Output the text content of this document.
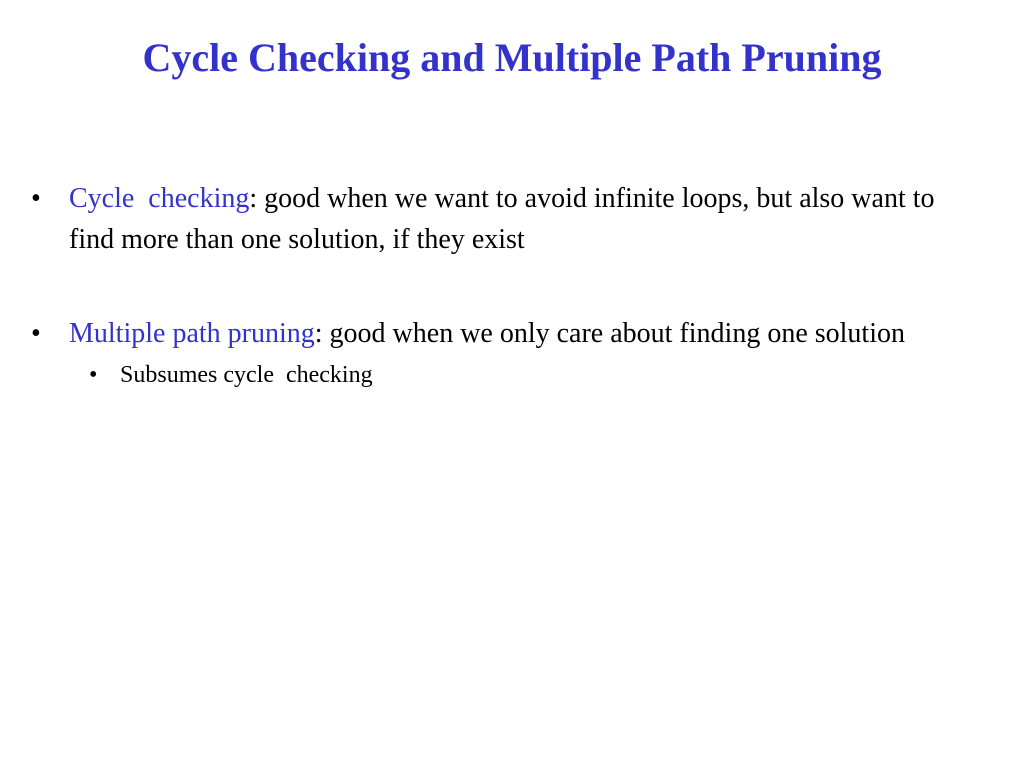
Cycle Checking and Multiple Path Pruning
• Cycle  checking: good when we want to avoid infinite loops, but also want to find more than one solution, if they exist
• Multiple path pruning: good when we only care about finding one solution
• Subsumes cycle  checking
